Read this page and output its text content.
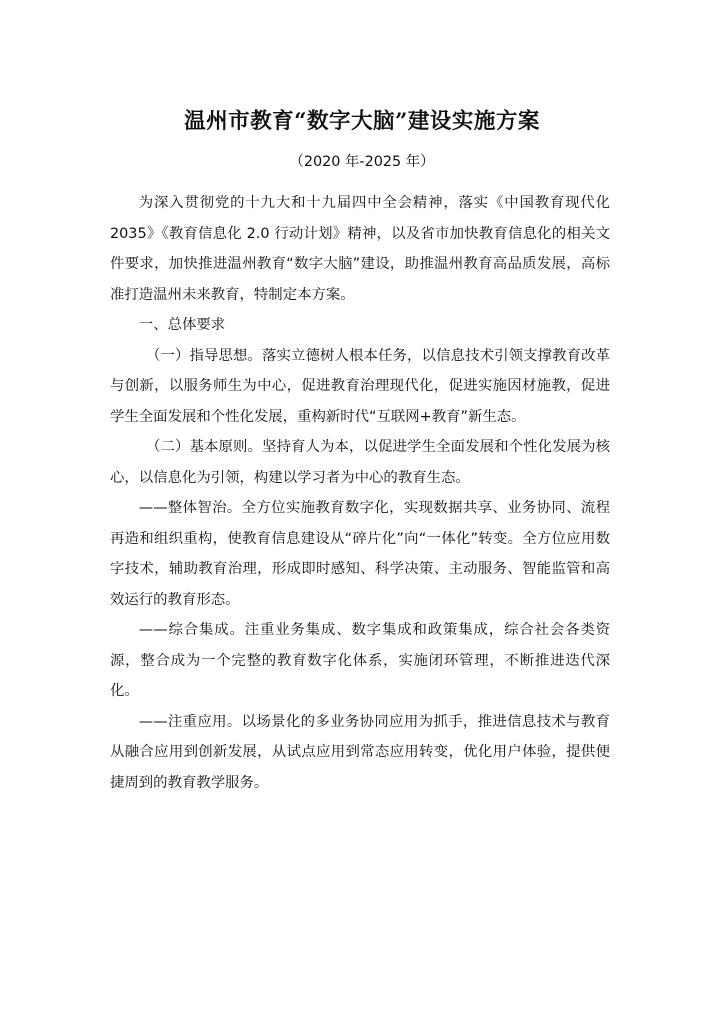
温州市教育“数字大脑”建设实施方案
（2020 年-2025 年）

为深入贯彻党的十九大和十九届四中全会精神，落实《中国教育现代化 2035》《教育信息化 2.0 行动计划》精神，以及省市加快教育信息化的相关文件要求，加快推进温州教育“数字大脑”建设，助推温州教育高品质发展，高标准打造温州未来教育，特制定本方案。

一、总体要求

（一）指导思想。落实立德树人根本任务，以信息技术引领支撑教育改革与创新，以服务师生为中心，促进教育治理现代化，促进实施因材施教，促进学生全面发展和个性化发展，重构新时代“互联网+教育”新生态。

（二）基本原则。坚持育人为本，以促进学生全面发展和个性化发展为核心，以信息化为引领，构建以学习者为中心的教育生态。

——整体智治。全方位实施教育数字化，实现数据共享、业务协同、流程再造和组织重构，使教育信息建设从“碎片化”向“一体化”转变。全方位应用数字技术，辅助教育治理，形成即时感知、科学决策、主动服务、智能监管和高效运行的教育形态。

——综合集成。注重业务集成、数字集成和政策集成，综合社会各类资源，整合成为一个完整的教育数字化体系，实施闭环管理，不断推进迭代深化。

——注重应用。以场景化的多业务协同应用为抓手，推进信息技术与教育从融合应用到创新发展，从试点应用到常态应用转变，优化用户体验，提供便捷周到的教育教学服务。
